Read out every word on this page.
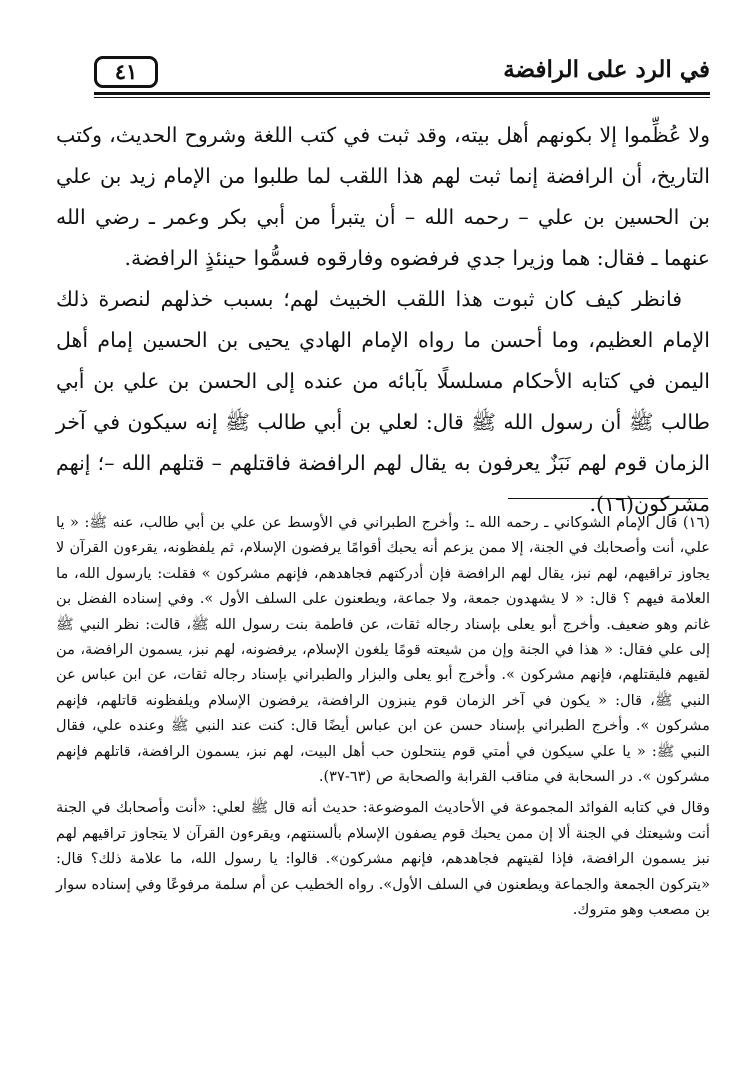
في الرد على الرافضة
٤١

ولا عُظِّموا إلا بكونهم أهل بيته، وقد ثبت في كتب اللغة وشروح الحديث، وكتب التاريخ، أن الرافضة إنما ثبت لهم هذا اللقب لما طلبوا من الإمام زيد بن علي بن الحسين بن علي – رحمه الله – أن يتبرأ من أبي بكر وعمر ـ رضي الله عنهما ـ فقال: هما وزيرا جدي فرفضوه وفارقوه فسمُّوا حينئذٍ الرافضة.

فانظر كيف كان ثبوت هذا اللقب الخبيث لهم؛ بسبب خذلهم لنصرة ذلك الإمام العظيم، وما أحسن ما رواه الإمام الهادي يحيى بن الحسين إمام أهل اليمن في كتابه الأحكام مسلسلًا بآبائه من عنده إلى الحسن بن علي بن أبي طالب ﷺ أن رسول الله ﷺ قال: لعلي بن أبي طالب ﷺ إنه سيكون في آخر الزمان قوم لهم نَبَزٌ يعرفون به يقال لهم الرافضة فاقتلهم – قتلهم الله –؛ إنهم مشركون(١٦).

(١٦) قال الإمام الشوكاني ـ رحمه الله ـ: وأخرج الطبراني في الأوسط عن علي بن أبي طالب، عنه ﷺ: « يا علي، أنت وأصحابك في الجنة، إلا ممن يزعم أنه يحبك أقوامًا يرفضون الإسلام، ثم يلفظونه، يقرءون القرآن لا يجاوز تراقيهم، لهم نبز، يقال لهم الرافضة فإن أدركتهم فجاهدهم، فإنهم مشركون » فقلت: يارسول الله، ما العلامة فيهم ؟ قال: « لا يشهدون جمعة، ولا جماعة، ويطعنون على السلف الأول ». وفي إسناده الفضل بن غانم وهو ضعيف. وأخرج أبو يعلى بإسناد رجاله ثقات، عن فاطمة بنت رسول الله ﷺ، قالت: نظر النبي ﷺ إلى علي فقال: « هذا في الجنة وإن من شيعته قومًا يلغون الإسلام، يرفضونه، لهم نبز، يسمون الرافضة، من لقيهم فليقتلهم، فإنهم مشركون ». وأخرج أبو يعلى والبزار والطبراني بإسناد رجاله ثقات، عن ابن عباس عن النبي ﷺ، قال: « يكون في آخر الزمان قوم ينبزون الرافضة، يرفضون الإسلام ويلفظونه قاتلهم، فإنهم مشركون ». وأخرج الطبراني بإسناد حسن عن ابن عباس أيضًا قال: كنت عند النبي ﷺ وعنده علي، فقال النبي ﷺ: « يا علي سيكون في أمتي قوم ينتحلون حب أهل البيت، لهم نبز، يسمون الرافضة، قاتلهم فإنهم مشركون ». در السحابة في مناقب القرابة والصحابة ص (٦٣-٣٧).

وقال في كتابه الفوائد المجموعة في الأحاديث الموضوعة: حديث أنه قال ﷺ لعلي: «أنت وأصحابك في الجنة أنت وشيعتك في الجنة ألا إن ممن يحبك قوم يصفون الإسلام بألسنتهم، ويقرءون القرآن لا يتجاوز تراقيهم لهم نبز يسمون الرافضة، فإذا لقيتهم فجاهدهم، فإنهم مشركون». قالوا: يا رسول الله، ما علامة ذلك؟ قال: «يتركون الجمعة والجماعة ويطعنون في السلف الأول». رواه الخطيب عن أم سلمة مرفوعًا وفي إسناده سوار بن مصعب وهو متروك.
